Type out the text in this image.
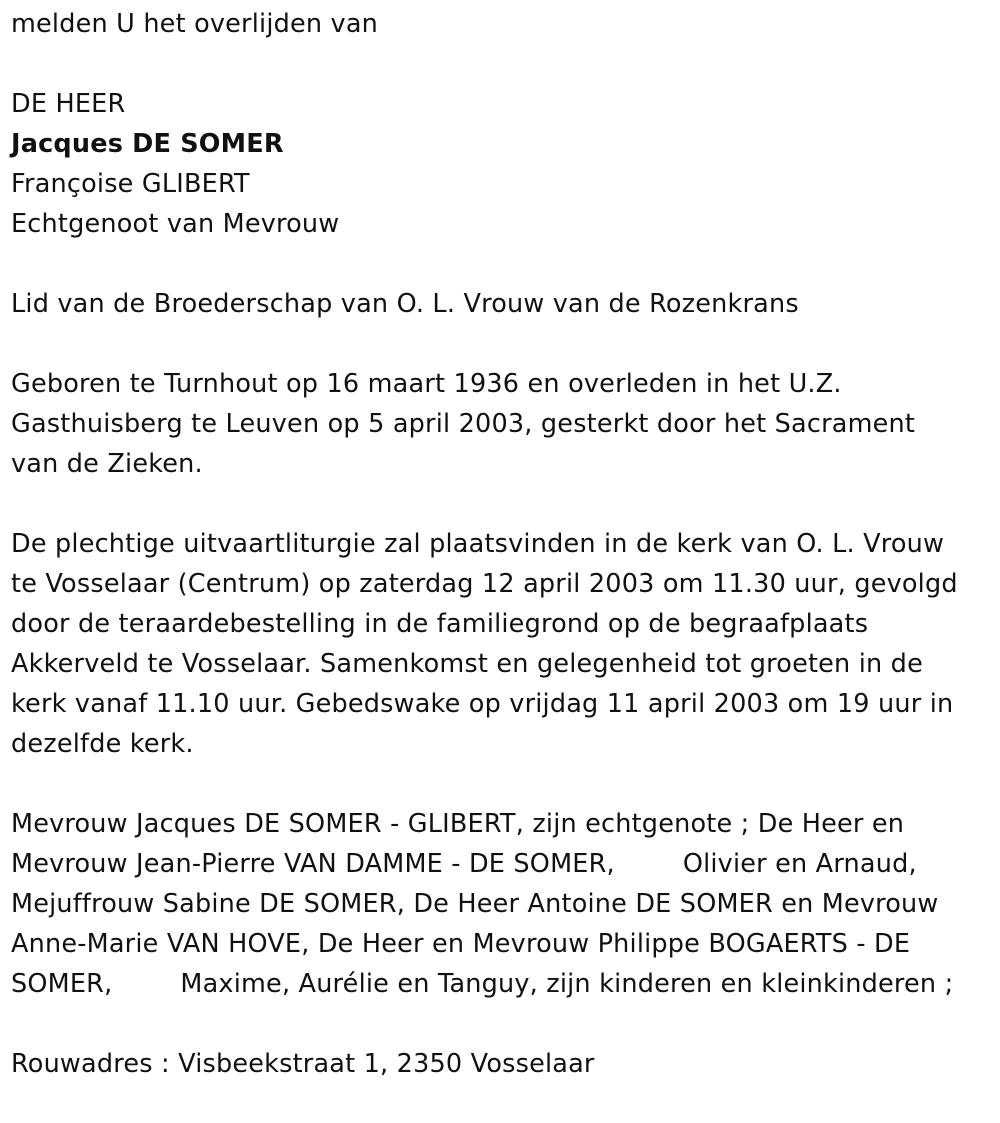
melden U het overlijden van
DE HEER
Jacques DE SOMER
Françoise GLIBERT
Echtgenoot van Mevrouw
Lid van de Broederschap van O. L. Vrouw van de Rozenkrans
Geboren te Turnhout op 16 maart 1936 en overleden in het U.Z.
Gasthuisberg te Leuven op 5 april 2003, gesterkt door het Sacrament
van de Zieken.
De plechtige uitvaartliturgie zal plaatsvinden in de kerk van O. L. Vrouw
te Vosselaar (Centrum) op zaterdag 12 april 2003 om 11.30 uur, gevolgd
door de teraardebestelling in de familiegrond op de begraafplaats
Akkerveld te Vosselaar. Samenkomst en gelegenheid tot groeten in de
kerk vanaf 11.10 uur. Gebedswake op vrijdag 11 april 2003 om 19 uur in
dezelfde kerk.
Mevrouw Jacques DE SOMER - GLIBERT, zijn echtgenote ; De Heer en
Mevrouw Jean-Pierre VAN DAMME - DE SOMER,	Olivier en Arnaud,
Mejuffrouw Sabine DE SOMER, De Heer Antoine DE SOMER en Mevrouw
Anne-Marie VAN HOVE, De Heer en Mevrouw Philippe BOGAERTS - DE
SOMER,	Maxime, Aurélie en Tanguy, zijn kinderen en kleinkinderen ;
Rouwadres : Visbeekstraat 1, 2350 Vosselaar
